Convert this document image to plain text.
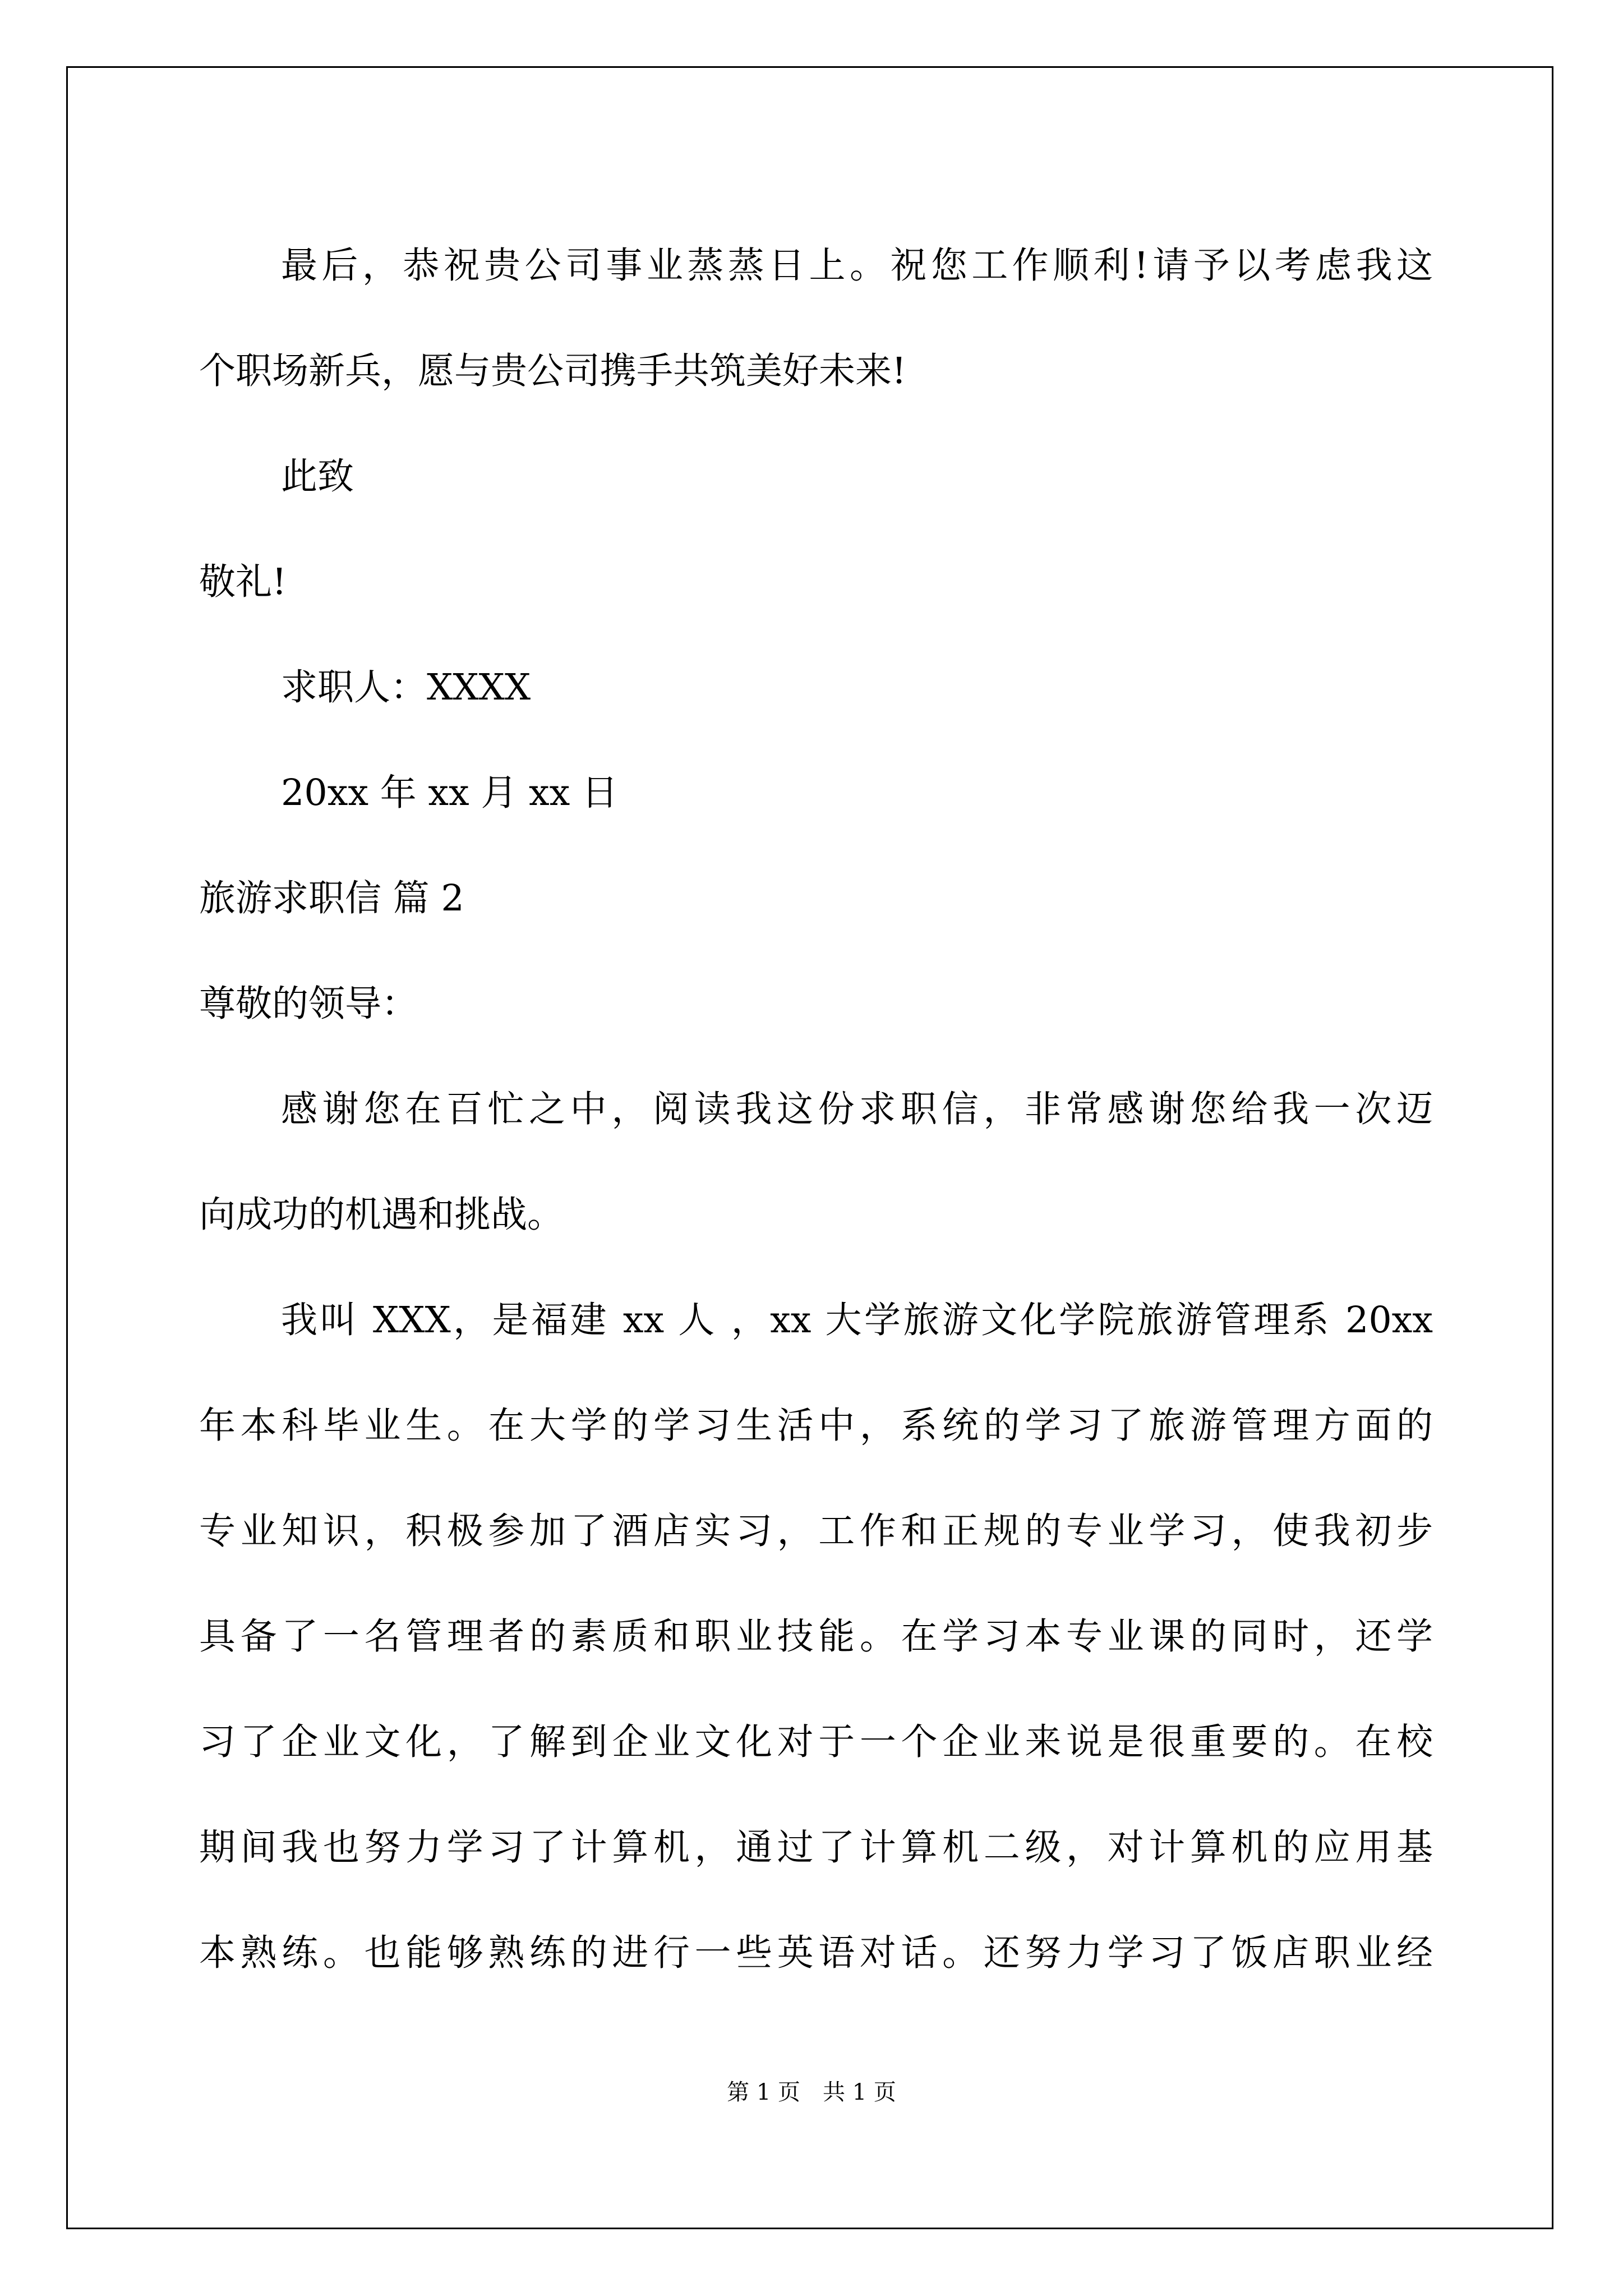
最后，恭祝贵公司事业蒸蒸日上。祝您工作顺利!请予以考虑我这
个职场新兵，愿与贵公司携手共筑美好未来!
此致
敬礼!
求职人：XXXX
20xx 年 xx 月 xx 日
旅游求职信 篇 2
尊敬的领导：
感谢您在百忙之中，阅读我这份求职信，非常感谢您给我一次迈
向成功的机遇和挑战。
我叫 XXX，是福建 xx 人 ，xx 大学旅游文化学院旅游管理系 20xx
年本科毕业生。在大学的学习生活中，系统的学习了旅游管理方面的
专业知识，积极参加了酒店实习，工作和正规的专业学习，使我初步
具备了一名管理者的素质和职业技能。在学习本专业课的同时，还学
习了企业文化，了解到企业文化对于一个企业来说是很重要的。在校
期间我也努力学习了计算机，通过了计算机二级，对计算机的应用基
本熟练。也能够熟练的进行一些英语对话。还努力学习了饭店职业经
第 1 页　共 1 页
